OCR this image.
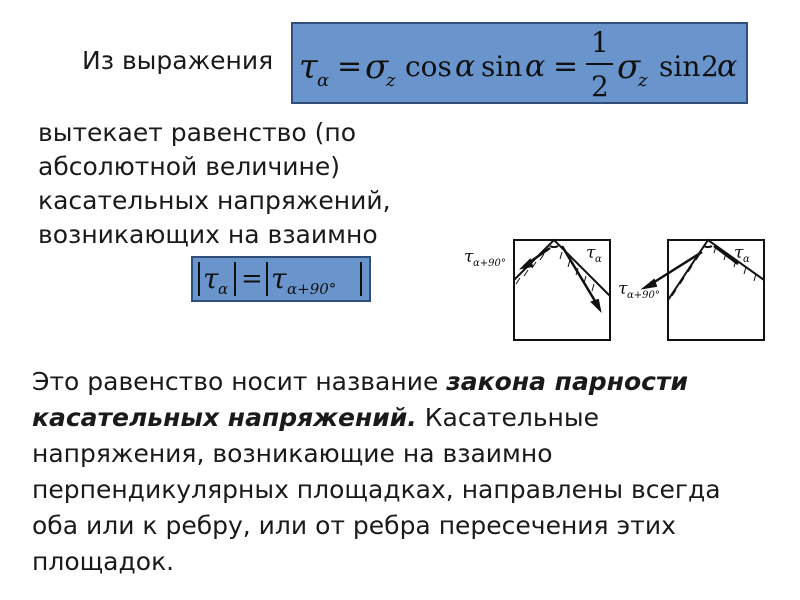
Из выражения τ α = σ
z cos α sin α =
1
2 σ
z sin 2
α
вытекает равенство (по абсолютной величине) касательных напряжений, возникающих на взаимно
τ α = τ α+90°
τ α+90°
τ α	τ α
τ α+90°
Это равенство носит название закона парности касательных напряжений. Касательные напряжения, возникающие на взаимно перпендикулярных площадках, направлены всегда оба или к ребру, или от ребра пересечения этих площадок.
